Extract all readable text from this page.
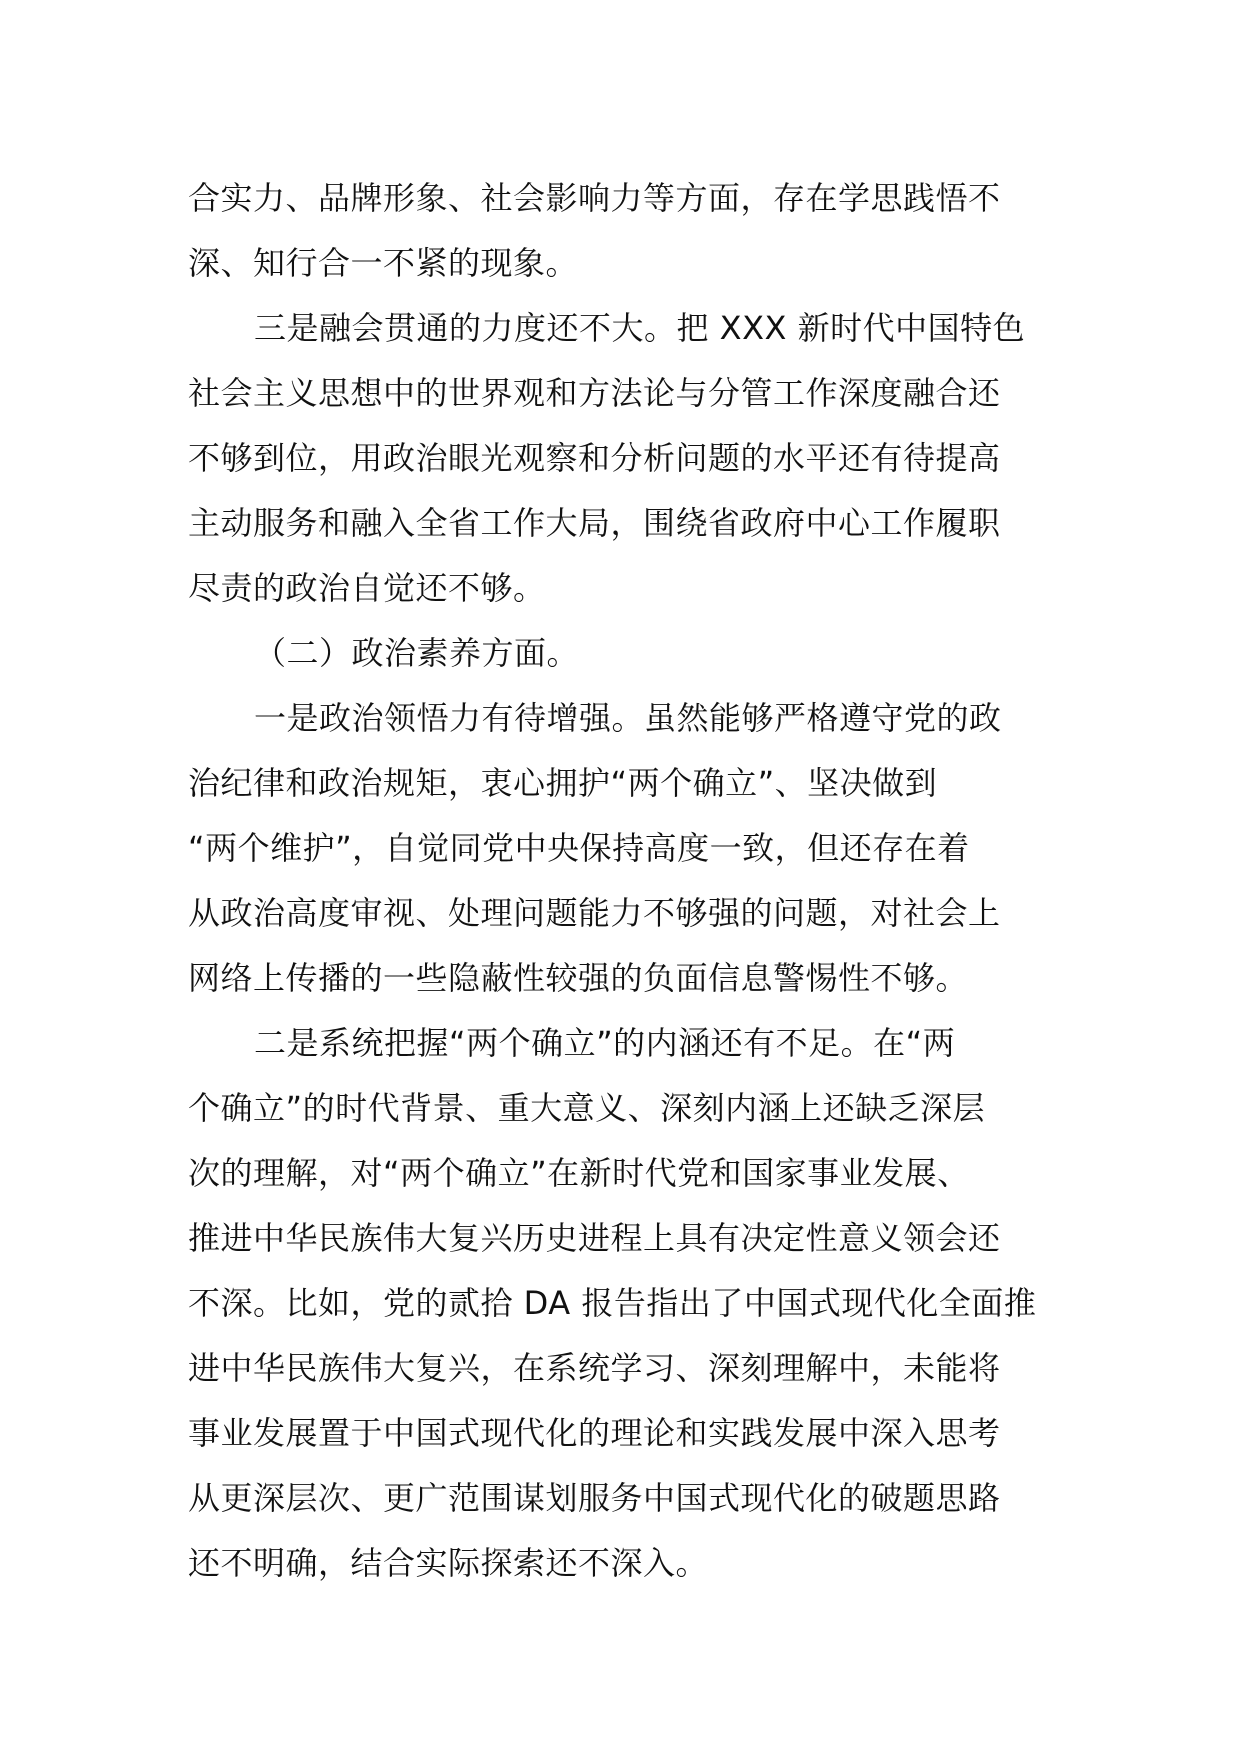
合实力、品牌形象、社会影响力等方面，存在学思践悟不
深、知行合一不紧的现象。
三是融会贯通的力度还不大。把 XXX 新时代中国特色
社会主义思想中的世界观和方法论与分管工作深度融合还
不够到位，用政治眼光观察和分析问题的水平还有待提高
主动服务和融入全省工作大局，围绕省政府中心工作履职
尽责的政治自觉还不够。
（二）政治素养方面。
一是政治领悟力有待增强。虽然能够严格遵守党的政
治纪律和政治规矩，衷心拥护“两个确立”、坚决做到
“两个维护”，自觉同党中央保持高度一致，但还存在着
从政治高度审视、处理问题能力不够强的问题，对社会上
网络上传播的一些隐蔽性较强的负面信息警惕性不够。
二是系统把握“两个确立”的内涵还有不足。在“两
个确立”的时代背景、重大意义、深刻内涵上还缺乏深层
次的理解，对“两个确立”在新时代党和国家事业发展、
推进中华民族伟大复兴历史进程上具有决定性意义领会还
不深。比如，党的贰拾 DA 报告指出了中国式现代化全面推
进中华民族伟大复兴，在系统学习、深刻理解中，未能将
事业发展置于中国式现代化的理论和实践发展中深入思考
从更深层次、更广范围谋划服务中国式现代化的破题思路
还不明确，结合实际探索还不深入。
